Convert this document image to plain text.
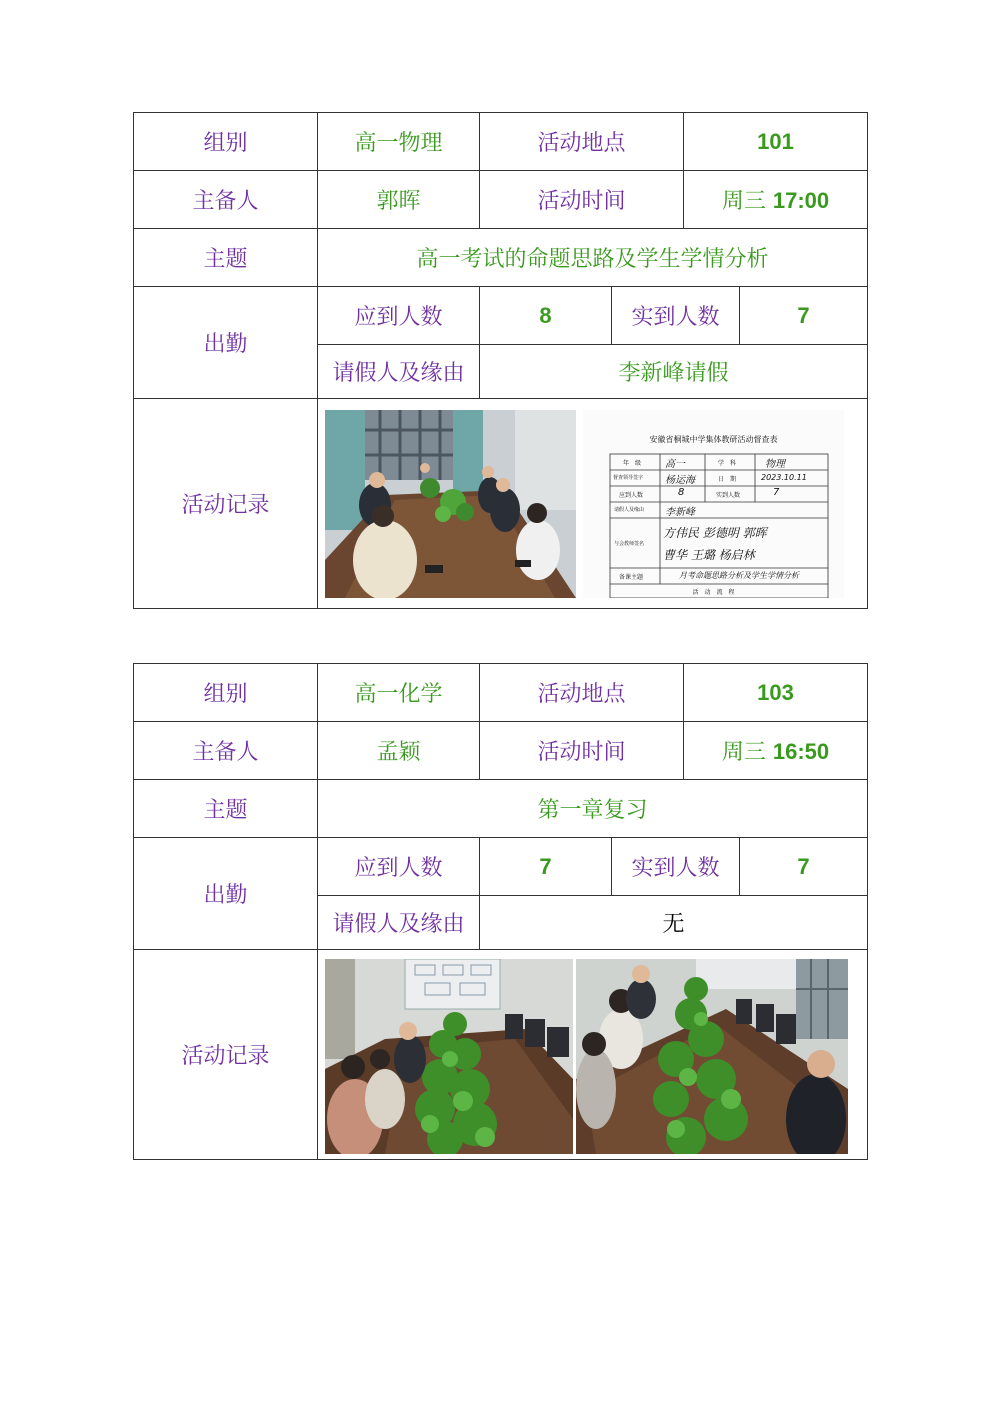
组别	高一物理	活动地点		101	
主备人	郭晖	活动时间		周三 17:00	
主题	高一考试的命题思路及学生学情分析				
出勤	应到人数	8	实到人数		7
	请假人及缘由	李新峰请假			
活动记录					
安徽省桐城中学集体教研活动督查表
年　级 高一	学　科	物理
督查领导签字 杨运海	日　期	2023.10.11
应到人数	8	实到人数	7
请假人及缘由 李新峰
与会教师签名
方伟民 彭德明 郭晖
曹华 王璐 杨启林
备课主题	月考命题思路分析及学生学情分析
活　动　流　程
组别	高一化学	活动地点		103	
主备人	孟颖	活动时间		周三 16:50	
主题	第一章复习				
出勤	应到人数	7	实到人数		7
	请假人及缘由	无			
活动记录					
